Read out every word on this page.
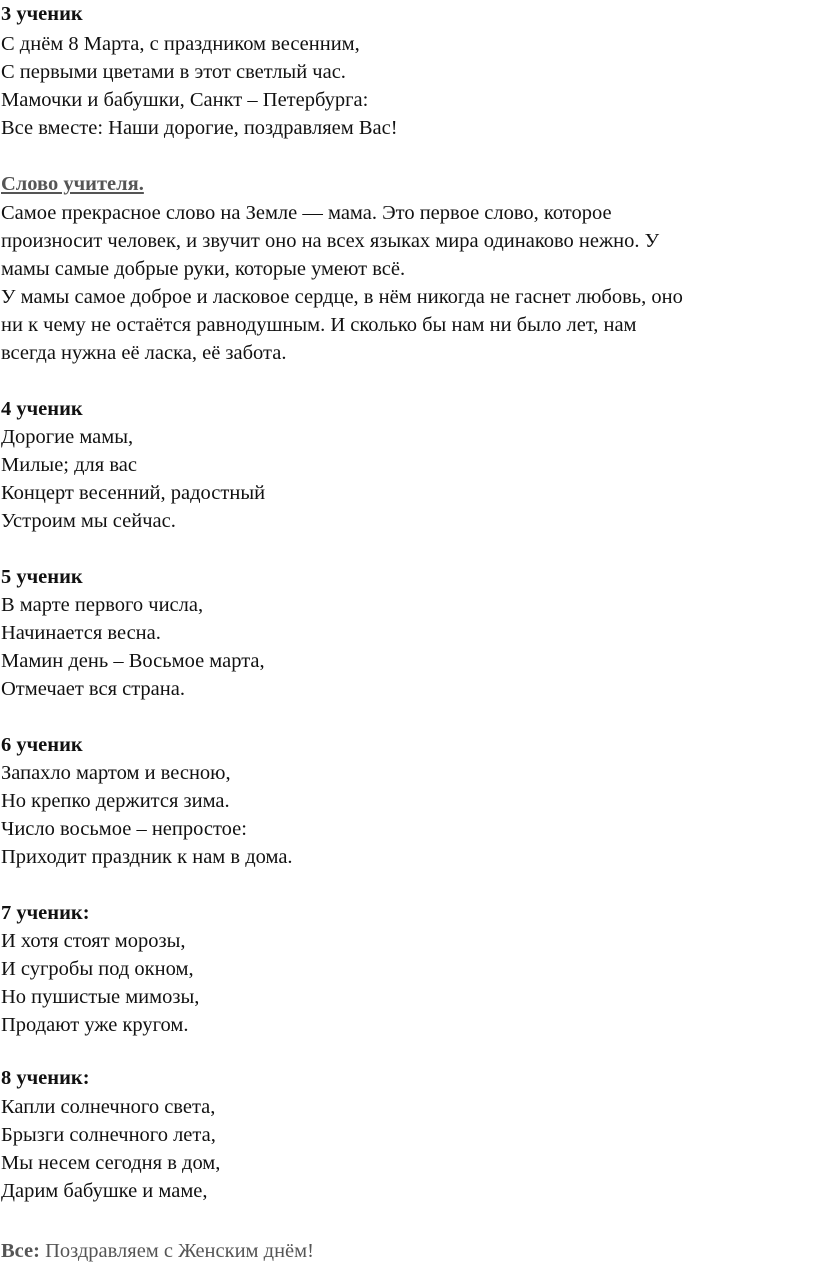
3 ученик
С днём 8 Марта, с праздником весенним,
С первыми цветами в этот светлый час.
Мамочки и бабушки, Санкт – Петербурга:
Все вместе: Наши дорогие, поздравляем Вас!
Слово учителя.
Самое прекрасное слово на Земле — мама. Это первое слово, которое
произносит человек, и звучит оно на всех языках мира одинаково нежно. У
мамы самые добрые руки, которые умеют всё.
У мамы самое доброе и ласковое сердце, в нём никогда не гаснет любовь, оно
ни к чему не остаётся равнодушным. И сколько бы нам ни было лет, нам
всегда нужна её ласка, её забота.
4 ученик
Дорогие мамы,
Милые; для вас
Концерт весенний, радостный
Устроим мы сейчас.
5 ученик
В марте первого числа,
Начинается весна.
Мамин день – Восьмое марта,
Отмечает вся страна.
6 ученик
Запахло мартом и весною,
Но крепко держится зима.
Число восьмое – непростое:
Приходит праздник к нам в дома.
7 ученик:
И хотя стоят морозы,
И сугробы под окном,
Но пушистые мимозы,
Продают уже кругом.
8 ученик:
Капли солнечного света,
Брызги солнечного лета,
Мы несем сегодня в дом,
Дарим бабушке и маме,
Все: Поздравляем с Женским днём!
